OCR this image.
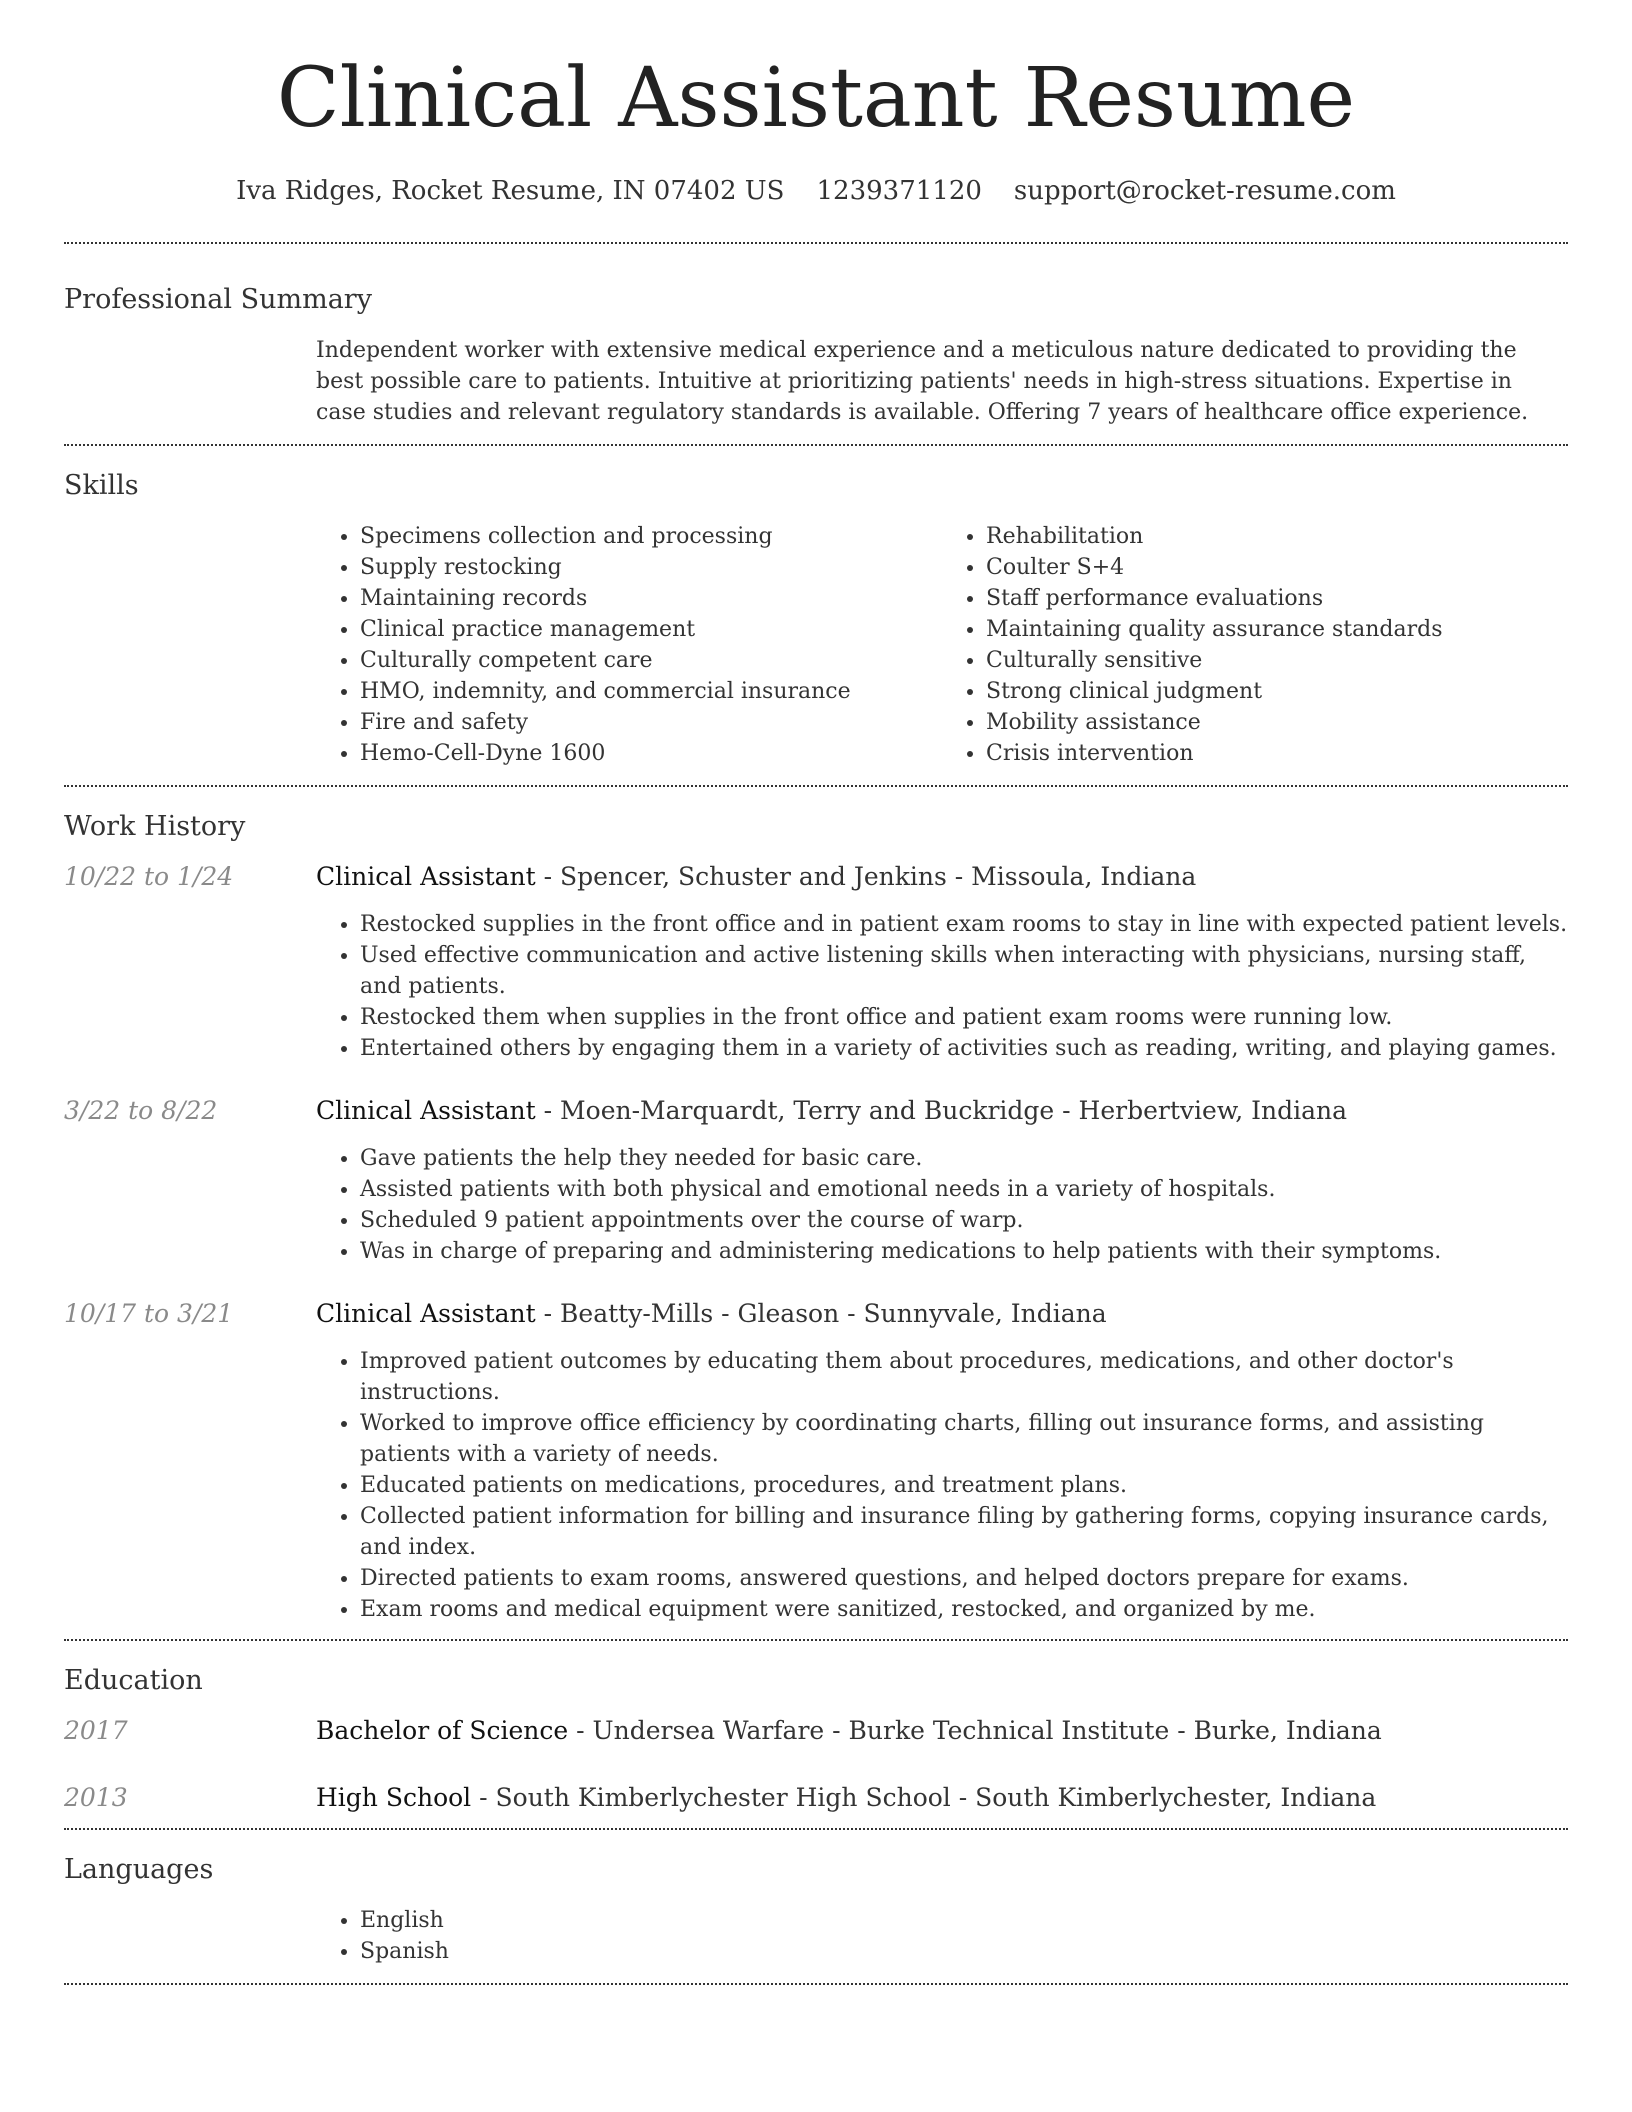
Clinical Assistant Resume
Iva Ridges, Rocket Resume, IN 07402 US 1239371120 support@rocket-resume.com
Professional Summary

Independent worker with extensive medical experience and a meticulous nature dedicated to providing the best possible care to patients. Intuitive at prioritizing patients' needs in high-stress situations. Expertise in case studies and relevant regulatory standards is available. Offering 7 years of healthcare office experience.

Skills
• Specimens collection and processing
• Supply restocking
• Maintaining records
• Clinical practice management
• Culturally competent care
• HMO, indemnity, and commercial insurance
• Fire and safety
• Hemo-Cell-Dyne 1600
• Rehabilitation
• Coulter S+4
• Staff performance evaluations
• Maintaining quality assurance standards
• Culturally sensitive
• Strong clinical judgment
• Mobility assistance
• Crisis intervention
Work History
10/22 to 1/24	Clinical Assistant - Spencer, Schuster and Jenkins - Missoula, Indiana
• Restocked supplies in the front office and in patient exam rooms to stay in line with expected patient levels.
• Used effective communication and active listening skills when interacting with physicians, nursing staff, and patients.
• Restocked them when supplies in the front office and patient exam rooms were running low.
• Entertained others by engaging them in a variety of activities such as reading, writing, and playing games.
3/22 to 8/22	Clinical Assistant - Moen-Marquardt, Terry and Buckridge - Herbertview, Indiana
• Gave patients the help they needed for basic care.
• Assisted patients with both physical and emotional needs in a variety of hospitals.
• Scheduled 9 patient appointments over the course of warp.
• Was in charge of preparing and administering medications to help patients with their symptoms.
10/17 to 3/21	Clinical Assistant - Beatty-Mills - Gleason - Sunnyvale, Indiana
• Improved patient outcomes by educating them about procedures, medications, and other doctor's instructions.
• Worked to improve office efficiency by coordinating charts, filling out insurance forms, and assisting patients with a variety of needs.
• Educated patients on medications, procedures, and treatment plans.
• Collected patient information for billing and insurance filing by gathering forms, copying insurance cards, and index.
• Directed patients to exam rooms, answered questions, and helped doctors prepare for exams.
• Exam rooms and medical equipment were sanitized, restocked, and organized by me.
Education
2017	Bachelor of Science - Undersea Warfare - Burke Technical Institute - Burke, Indiana
2013	High School - South Kimberlychester High School - South Kimberlychester, Indiana
Languages
• English
• Spanish
